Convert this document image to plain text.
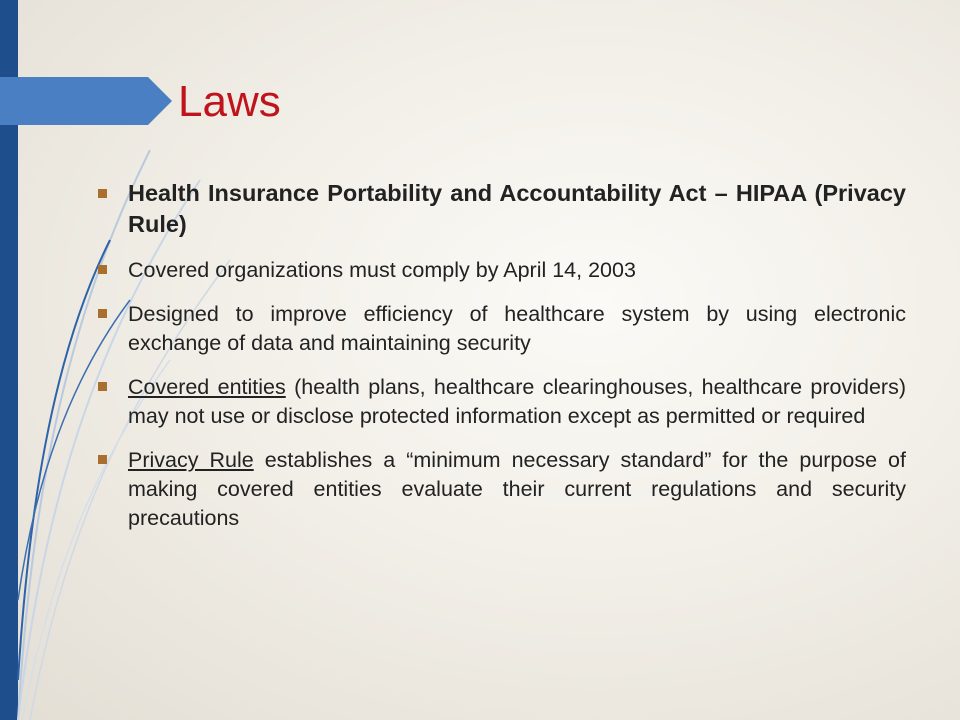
Laws
Health Insurance Portability and Accountability Act – HIPAA (Privacy Rule)
Covered organizations must comply by April 14, 2003
Designed to improve efficiency of healthcare system by using electronic exchange of data and maintaining security
Covered entities (health plans, healthcare clearinghouses, healthcare providers) may not use or disclose protected information except as permitted or required
Privacy Rule establishes a “minimum necessary standard” for the purpose of making covered entities evaluate their current regulations and security precautions
